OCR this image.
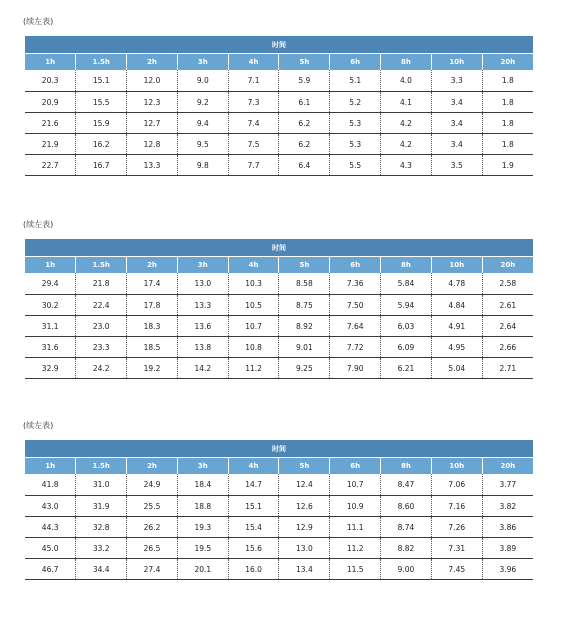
(续左表)
时间									
1h	1.5h	2h	3h	4h	5h	6h	8h	10h	20h
20.3	15.1	12.0	9.0	7.1	5.9	5.1	4.0	3.3	1.8
20.9	15.5	12.3	9.2	7.3	6.1	5.2	4.1	3.4	1.8
21.6	15.9	12.7	9.4	7.4	6.2	5.3	4.2	3.4	1.8
21.9	16.2	12.8	9.5	7.5	6.2	5.3	4.2	3.4	1.8
22.7	16.7	13.3	9.8	7.7	6.4	5.5	4.3	3.5	1.9
(续左表)
时间									
1h	1.5h	2h	3h	4h	5h	6h	8h	10h	20h
29.4	21.8	17.4	13.0	10.3	8.58	7.36	5.84	4.78	2.58
30.2	22.4	17.8	13.3	10.5	8.75	7.50	5.94	4.84	2.61
31.1	23.0	18.3	13.6	10.7	8.92	7.64	6.03	4.91	2.64
31.6	23.3	18.5	13.8	10.8	9.01	7.72	6.09	4.95	2.66
32.9	24.2	19.2	14.2	11.2	9.25	7.90	6.21	5.04	2.71
(续左表)
时间									
1h	1.5h	2h	3h	4h	5h	6h	8h	10h	20h
41.8	31.0	24.9	18.4	14.7	12.4	10.7	8.47	7.06	3.77
43.0	31.9	25.5	18.8	15.1	12.6	10.9	8.60	7.16	3.82
44.3	32.8	26.2	19.3	15.4	12.9	11.1	8.74	7.26	3.86
45.0	33.2	26.5	19.5	15.6	13.0	11.2	8.82	7.31	3.89
46.7	34.4	27.4	20.1	16.0	13.4	11.5	9.00	7.45	3.96
